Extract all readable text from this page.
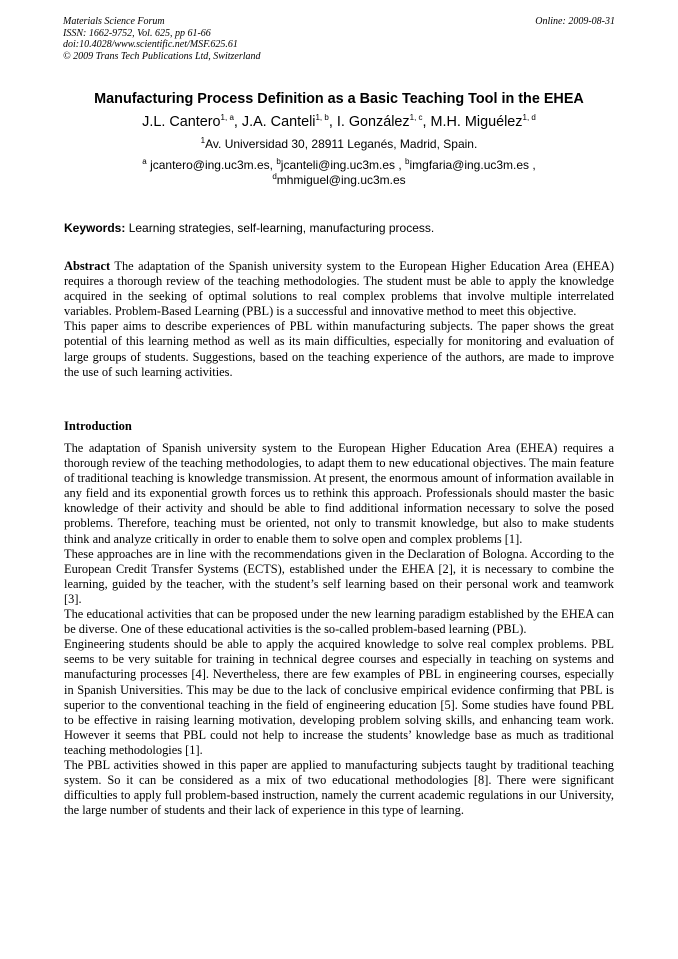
Materials Science Forum
ISSN: 1662-9752, Vol. 625, pp 61-66
doi:10.4028/www.scientific.net/MSF.625.61
© 2009 Trans Tech Publications Ltd, Switzerland
Online: 2009-08-31
Manufacturing Process Definition as a Basic Teaching Tool in the EHEA
J.L. Cantero$^{1, a}$, J.A. Canteli$^{1, b}$, I. González$^{1, c}$, M.H. Miguélez$^{1, d}$
$^1$Av. Universidad 30, 28911 Leganés, Madrid, Spain.
$^a$ jcantero@ing.uc3m.es, $^b$jcanteli@ing.uc3m.es , $^b$imgfaria@ing.uc3m.es ,
$^d$mhmiguel@ing.uc3m.es
Keywords: Learning strategies, self-learning, manufacturing process.

Abstract The adaptation of the Spanish university system to the European Higher Education Area (EHEA) requires a thorough review of the teaching methodologies. The student must be able to apply the knowledge acquired in the seeking of optimal solutions to real complex problems that involve multiple interrelated variables. Problem-Based Learning (PBL) is a successful and innovative method to meet this objective.

This paper aims to describe experiences of PBL within manufacturing subjects. The paper shows the great potential of this learning method as well as its main difficulties, especially for monitoring and evaluation of large groups of students. Suggestions, based on the teaching experience of the authors, are made to improve the use of such learning activities.

Introduction

The adaptation of Spanish university system to the European Higher Education Area (EHEA) requires a thorough review of the teaching methodologies, to adapt them to new educational objectives. The main feature of traditional teaching is knowledge transmission. At present, the enormous amount of information available in any field and its exponential growth forces us to rethink this approach. Professionals should master the basic knowledge of their activity and should be able to find additional information necessary to solve the posed problems. Therefore, teaching must be oriented, not only to transmit knowledge, but also to make students think and analyze critically in order to enable them to solve open and complex problems [1].

These approaches are in line with the recommendations given in the Declaration of Bologna. According to the European Credit Transfer Systems (ECTS), established under the EHEA [2], it is necessary to combine the learning, guided by the teacher, with the student’s self learning based on their personal work and teamwork [3].

The educational activities that can be proposed under the new learning paradigm established by the EHEA can be diverse. One of these educational activities is the so-called problem-based learning (PBL).

Engineering students should be able to apply the acquired knowledge to solve real complex problems. PBL seems to be very suitable for training in technical degree courses and especially in teaching on systems and manufacturing processes [4]. Nevertheless, there are few examples of PBL in engineering courses, especially in Spanish Universities. This may be due to the lack of conclusive empirical evidence confirming that PBL is superior to the conventional teaching in the field of engineering education [5]. Some studies have found PBL to be effective in raising learning motivation, developing problem solving skills, and enhancing team work. However it seems that PBL could not help to increase the students’ knowledge base as much as traditional teaching methodologies [1].

The PBL activities showed in this paper are applied to manufacturing subjects taught by traditional teaching system. So it can be considered as a mix of two educational methodologies [8]. There were significant difficulties to apply full problem-based instruction, namely the current academic regulations in our University, the large number of students and their lack of experience in this type of learning.
